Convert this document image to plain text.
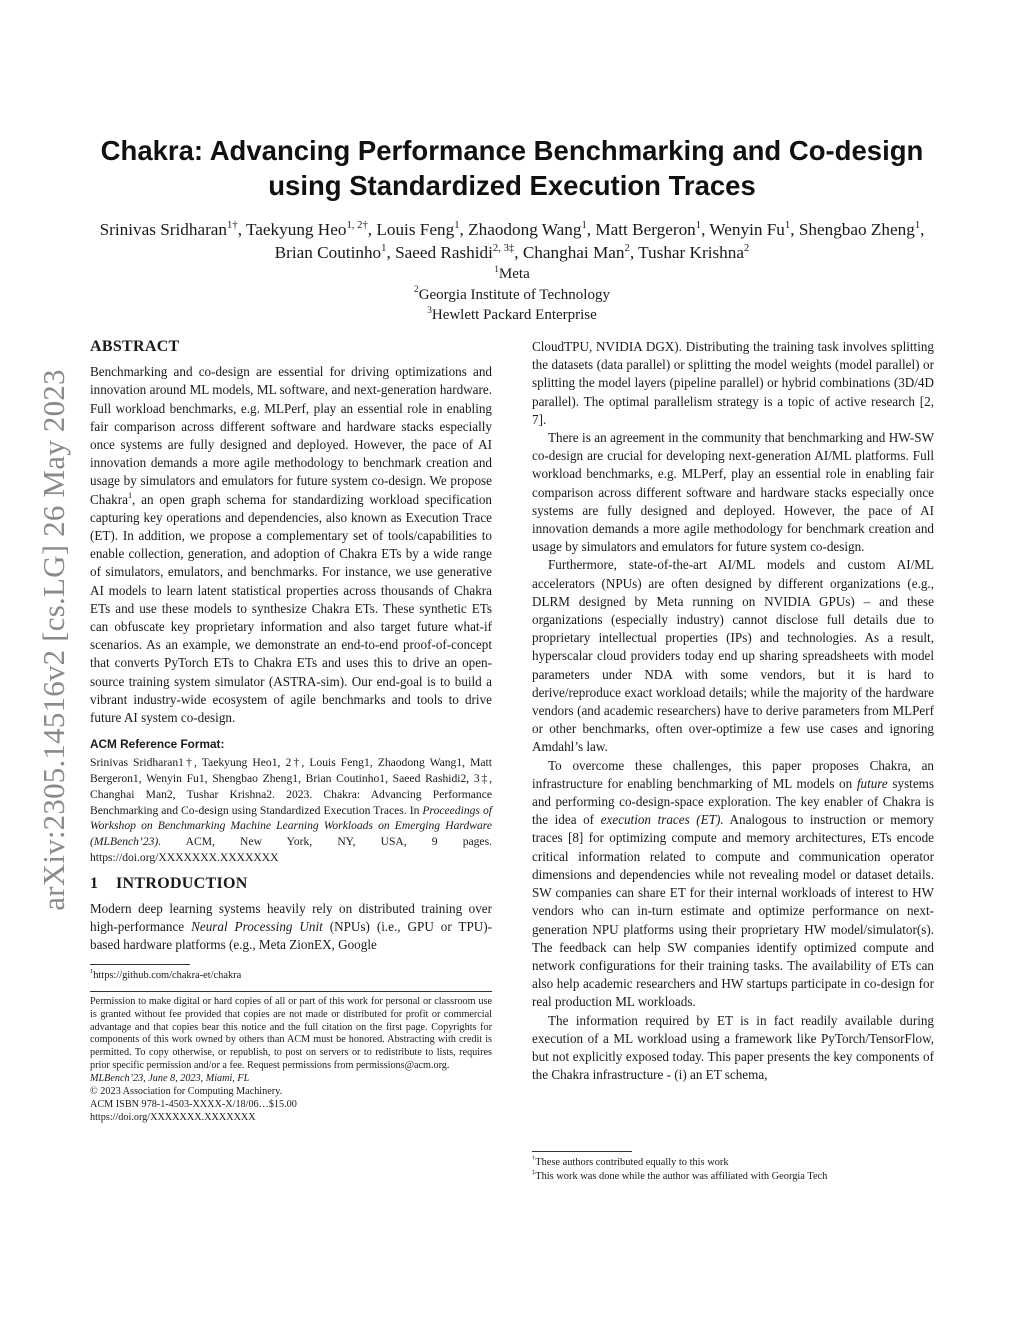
arXiv:2305.14516v2 [cs.LG] 26 May 2023
Chakra: Advancing Performance Benchmarking and Co-design using Standardized Execution Traces
Srinivas Sridharan$^{1\dagger}$, Taekyung Heo$^{1, 2\dagger}$, Louis Feng$^1$, Zhaodong Wang$^1$, Matt Bergeron$^1$, Wenyin Fu$^1$, Shengbao Zheng$^1$, Brian Coutinho$^1$, Saeed Rashidi$^{2, 3\ddagger}$, Changhai Man$^2$, Tushar Krishna$^2$
$^1$Meta
$^2$Georgia Institute of Technology
$^3$Hewlett Packard Enterprise
ABSTRACT

Benchmarking and co-design are essential for driving optimizations and innovation around ML models, ML software, and next-generation hardware. Full workload benchmarks, e.g. MLPerf, play an essential role in enabling fair comparison across different software and hardware stacks especially once systems are fully designed and deployed. However, the pace of AI innovation demands a more agile methodology to benchmark creation and usage by simulators and emulators for future system co-design. We propose Chakra$^1$, an open graph schema for standardizing workload specification capturing key operations and dependencies, also known as Execution Trace (ET). In addition, we propose a complementary set of tools/capabilities to enable collection, generation, and adoption of Chakra ETs by a wide range of simulators, emulators, and benchmarks. For instance, we use generative AI models to learn latent statistical properties across thousands of Chakra ETs and use these models to synthesize Chakra ETs. These synthetic ETs can obfuscate key proprietary information and also target future what-if scenarios. As an example, we demonstrate an end-to-end proof-of-concept that converts PyTorch ETs to Chakra ETs and uses this to drive an open-source training system simulator (ASTRA-sim). Our end-goal is to build a vibrant industry-wide ecosystem of agile benchmarks and tools to drive future AI system co-design.

ACM Reference Format:

Srinivas Sridharan1†, Taekyung Heo1, 2†, Louis Feng1, Zhaodong Wang1, Matt Bergeron1, Wenyin Fu1, Shengbao Zheng1, Brian Coutinho1, Saeed Rashidi2, 3‡, Changhai Man2, Tushar Krishna2. 2023. Chakra: Advancing Performance Benchmarking and Co-design using Standardized Execution Traces. In Proceedings of Workshop on Benchmarking Machine Learning Workloads on Emerging Hardware (MLBench’23). ACM, New York, NY, USA, 9 pages. https://doi.org/XXXXXXX.XXXXXXX

1 INTRODUCTION

Modern deep learning systems heavily rely on distributed training over high-performance Neural Processing Unit (NPUs) (i.e., GPU or TPU)-based hardware platforms (e.g., Meta ZionEX, Google

$^1$https://github.com/chakra-et/chakra

Permission to make digital or hard copies of all or part of this work for personal or classroom use is granted without fee provided that copies are not made or distributed for profit or commercial advantage and that copies bear this notice and the full citation on the first page. Copyrights for components of this work owned by others than ACM must be honored. Abstracting with credit is permitted. To copy otherwise, or republish, to post on servers or to redistribute to lists, requires prior specific permission and/or a fee. Request permissions from permissions@acm.org.

MLBench’23, June 8, 2023, Miami, FL

© 2023 Association for Computing Machinery.

ACM ISBN 978-1-4503-XXXX-X/18/06…$15.00

https://doi.org/XXXXXXX.XXXXXXX

CloudTPU, NVIDIA DGX). Distributing the training task involves splitting the datasets (data parallel) or splitting the model weights (model parallel) or splitting the model layers (pipeline parallel) or hybrid combinations (3D/4D parallel). The optimal parallelism strategy is a topic of active research [2, 7].

There is an agreement in the community that benchmarking and HW-SW co-design are crucial for developing next-generation AI/ML platforms. Full workload benchmarks, e.g. MLPerf, play an essential role in enabling fair comparison across different software and hardware stacks especially once systems are fully designed and deployed. However, the pace of AI innovation demands a more agile methodology for benchmark creation and usage by simulators and emulators for future system co-design.

Furthermore, state-of-the-art AI/ML models and custom AI/ML accelerators (NPUs) are often designed by different organizations (e.g., DLRM designed by Meta running on NVIDIA GPUs) – and these organizations (especially industry) cannot disclose full details due to proprietary intellectual properties (IPs) and technologies. As a result, hyperscalar cloud providers today end up sharing spreadsheets with model parameters under NDA with some vendors, but it is hard to derive/reproduce exact workload details; while the majority of the hardware vendors (and academic researchers) have to derive parameters from MLPerf or other benchmarks, often over-optimize a few use cases and ignoring Amdahl’s law.

To overcome these challenges, this paper proposes Chakra, an infrastructure for enabling benchmarking of ML models on future systems and performing co-design-space exploration. The key enabler of Chakra is the idea of execution traces (ET). Analogous to instruction or memory traces [8] for optimizing compute and memory architectures, ETs encode critical information related to compute and communication operator dimensions and dependencies while not revealing model or dataset details. SW companies can share ET for their internal workloads of interest to HW vendors who can in-turn estimate and optimize performance on next-generation NPU platforms using their proprietary HW model/simulator(s). The feedback can help SW companies identify optimized compute and network configurations for their training tasks. The availability of ETs can also help academic researchers and HW startups participate in co-design for real production ML workloads.

The information required by ET is in fact readily available during execution of a ML workload using a framework like PyTorch/TensorFlow, but not explicitly exposed today. This paper presents the key components of the Chakra infrastructure - (i) an ET schema,

†These authors contributed equally to this work

‡This work was done while the author was affiliated with Georgia Tech
